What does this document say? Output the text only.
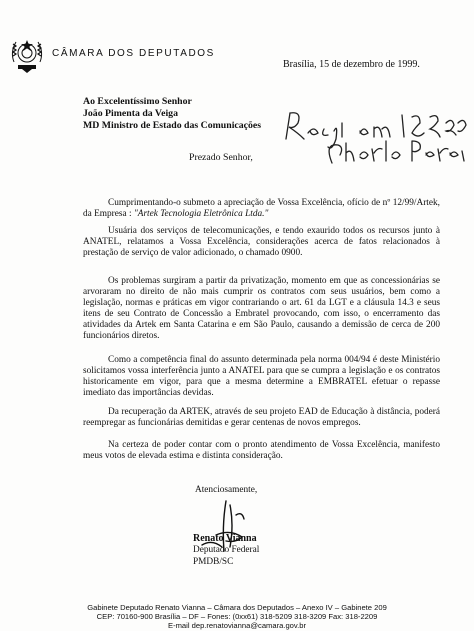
CÂMARA DOS DEPUTADOS
Brasília, 15 de dezembro de 1999.
Ao Excelentíssimo Senhor
João Pimenta da Veiga
MD Ministro de Estado das Comunicações
Prezado Senhor,

Cumprimentando-o submeto a apreciação de Vossa Excelência, ofício de nº 12/99/Artek, da Empresa : "Artek Tecnologia Eletrônica Ltda."

Usuária dos serviços de telecomunicações, e tendo exaurido todos os recursos junto à ANATEL, relatamos a Vossa Excelência, considerações acerca de fatos relacionados à prestação de serviço de valor adicionado, o chamado 0900.

Os problemas surgiram a partir da privatização, momento em que as concessionárias se arvoraram no direito de não mais cumprir os contratos com seus usuários, bem como a legislação, normas e práticas em vigor contrariando o art. 61 da LGT e a cláusula 14.3 e seus itens de seu Contrato de Concessão a Embratel provocando, com isso, o encerramento das atividades da Artek em Santa Catarina e em São Paulo, causando a demissão de cerca de 200 funcionários diretos.

Como a competência final do assunto determinada pela norma 004/94 é deste Ministério solicitamos vossa interferência junto a ANATEL para que se cumpra a legislação e os contratos historicamente em vigor, para que a mesma determine a EMBRATEL efetuar o repasse imediato das importâncias devidas.

Da recuperação da ARTEK, através de seu projeto EAD de Educação à distância, poderá reempregar as funcionárias demitidas e gerar centenas de novos empregos.

Na certeza de poder contar com o pronto atendimento de Vossa Excelência, manifesto meus votos de elevada estima e distinta consideração.

Atenciosamente,
Renato Vianna
Deputado Federal
PMDB/SC
Gabinete Deputado Renato Vianna – Câmara dos Deputados – Anexo IV – Gabinete 209
CEP: 70160-900 Brasília – DF – Fones: (0xx61) 318-5209 318-3209 Fax: 318-2209
E-mail dep.renatovianna@camara.gov.br
